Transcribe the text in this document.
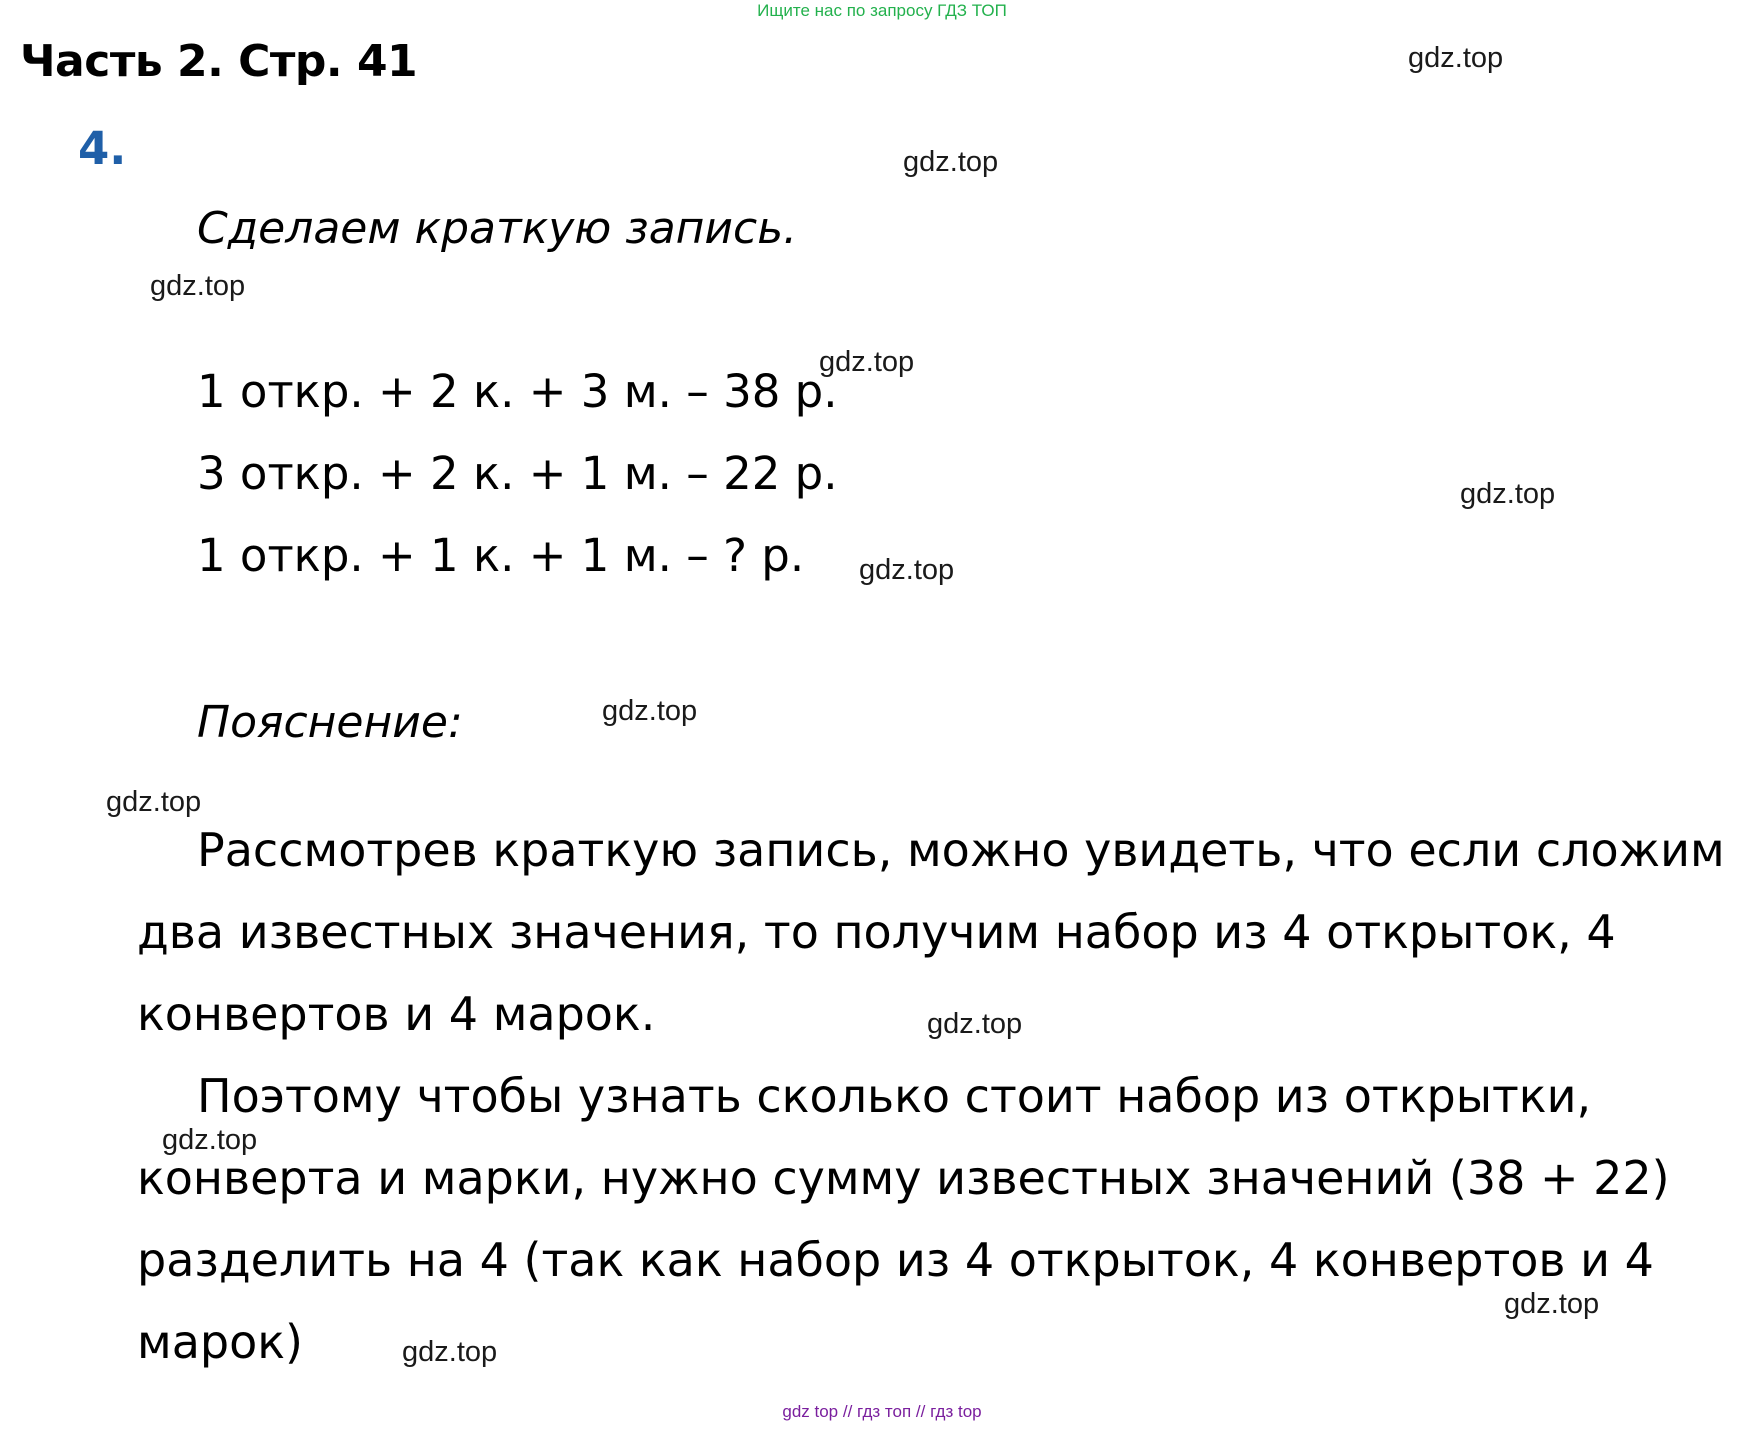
Ищите нас по запросу ГДЗ ТОП
Часть 2. Стр. 41
4.
Сделаем краткую запись.
1 откр. + 2 к. + 3 м. – 38 р.
3 откр. + 2 к. + 1 м. – 22 р.
1 откр. + 1 к. + 1 м. – ? р.
Пояснение:
Рассмотрев краткую запись, можно увидеть, что если сложим
два известных значения, то получим набор из 4 открыток, 4
конвертов и 4 марок.
Поэтому чтобы узнать сколько стоит набор из открытки,
конверта и марки, нужно сумму известных значений (38 + 22)
разделить на 4 (так как набор из 4 открыток, 4 конвертов и 4
марок)
gdz.top
gdz.top
gdz.top
gdz.top
gdz.top
gdz.top
gdz.top
gdz.top
gdz.top
gdz.top
gdz.top
gdz.top
gdz top // гдз топ // гдз top
